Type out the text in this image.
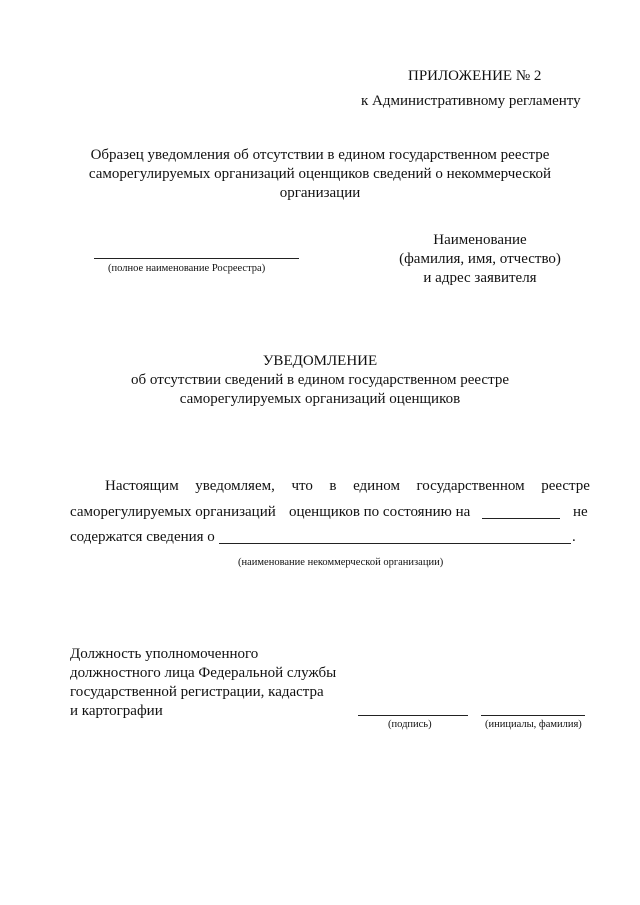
ПРИЛОЖЕНИЕ № 2
к Административному регламенту
Образец уведомления об отсутствии в едином государственном реестре
саморегулируемых организаций оценщиков сведений о некоммерческой
организации
(полное наименование Росреестра)
Наименование
(фамилия, имя, отчество)
и адрес заявителя
УВЕДОМЛЕНИЕ
об отсутствии сведений в едином государственном реестре
саморегулируемых организаций оценщиков
Настоящим уведомляем, что в едином государственном реестре
саморегулируемых организаций оценщиков по состоянию на	не
содержатся сведения о	.
(наименование некоммерческой организации)
Должность уполномоченного
должностного лица Федеральной службы
государственной регистрации, кадастра
и картографии
(подпись)	(инициалы, фамилия)
